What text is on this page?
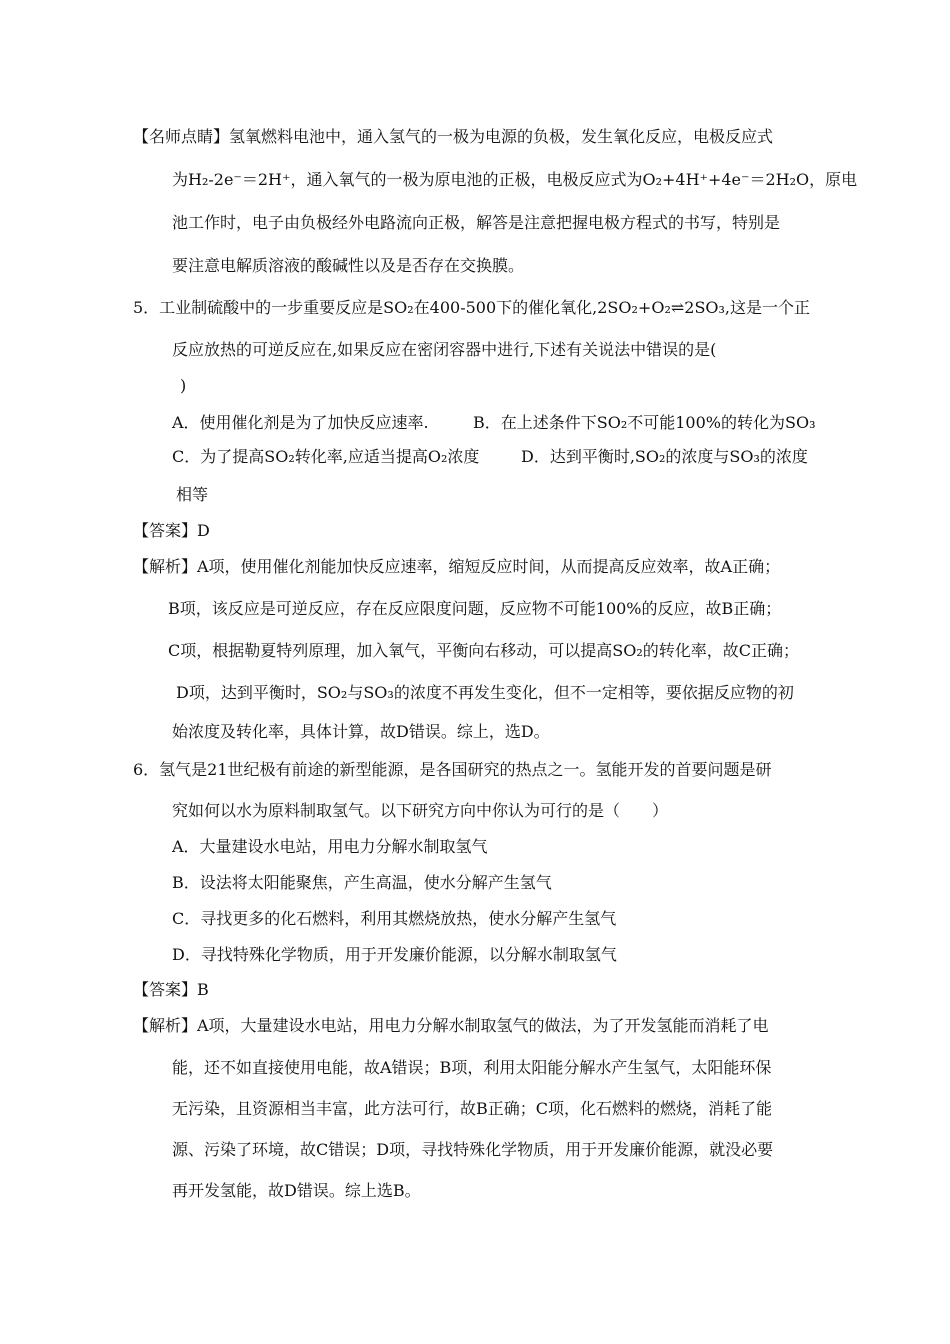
【名师点睛】氢氧燃料电池中，通入氢气的一极为电源的负极，发生氧化反应，电极反应式
为H₂-2e⁻＝2H⁺，通入氧气的一极为原电池的正极，电极反应式为O₂+4H⁺+4e⁻＝2H₂O，原电
池工作时，电子由负极经外电路流向正极，解答是注意把握电极方程式的书写，特别是
要注意电解质溶液的酸碱性以及是否存在交换膜。
5．工业制硫酸中的一步重要反应是SO₂在400-500下的催化氧化,2SO₂+O₂⇌2SO₃,这是一个正
反应放热的可逆反应在,如果反应在密闭容器中进行,下述有关说法中错误的是(
)
A．使用催化剂是为了加快反应速率.	B．在上述条件下SO₂不可能100%的转化为SO₃
C．为了提高SO₂转化率,应适当提高O₂浓度	D．达到平衡时,SO₂的浓度与SO₃的浓度
相等
【答案】D
【解析】A项，使用催化剂能加快反应速率，缩短反应时间，从而提高反应效率，故A正确；
B项，该反应是可逆反应，存在反应限度问题，反应物不可能100%的反应，故B正确；
C项，根据勒夏特列原理，加入氧气，平衡向右移动，可以提高SO₂的转化率，故C正确；
D项，达到平衡时，SO₂与SO₃的浓度不再发生变化，但不一定相等，要依据反应物的初
始浓度及转化率，具体计算，故D错误。综上，选D。
6．氢气是21世纪极有前途的新型能源，是各国研究的热点之一。氢能开发的首要问题是研
究如何以水为原料制取氢气。以下研究方向中你认为可行的是（　　）
A．大量建设水电站，用电力分解水制取氢气
B．设法将太阳能聚焦，产生高温，使水分解产生氢气
C．寻找更多的化石燃料，利用其燃烧放热，使水分解产生氢气
D．寻找特殊化学物质，用于开发廉价能源，以分解水制取氢气
【答案】B
【解析】A项，大量建设水电站，用电力分解水制取氢气的做法，为了开发氢能而消耗了电
能，还不如直接使用电能，故A错误；B项，利用太阳能分解水产生氢气，太阳能环保
无污染，且资源相当丰富，此方法可行，故B正确；C项，化石燃料的燃烧，消耗了能
源、污染了环境，故C错误；D项，寻找特殊化学物质，用于开发廉价能源，就没必要
再开发氢能，故D错误。综上选B。
